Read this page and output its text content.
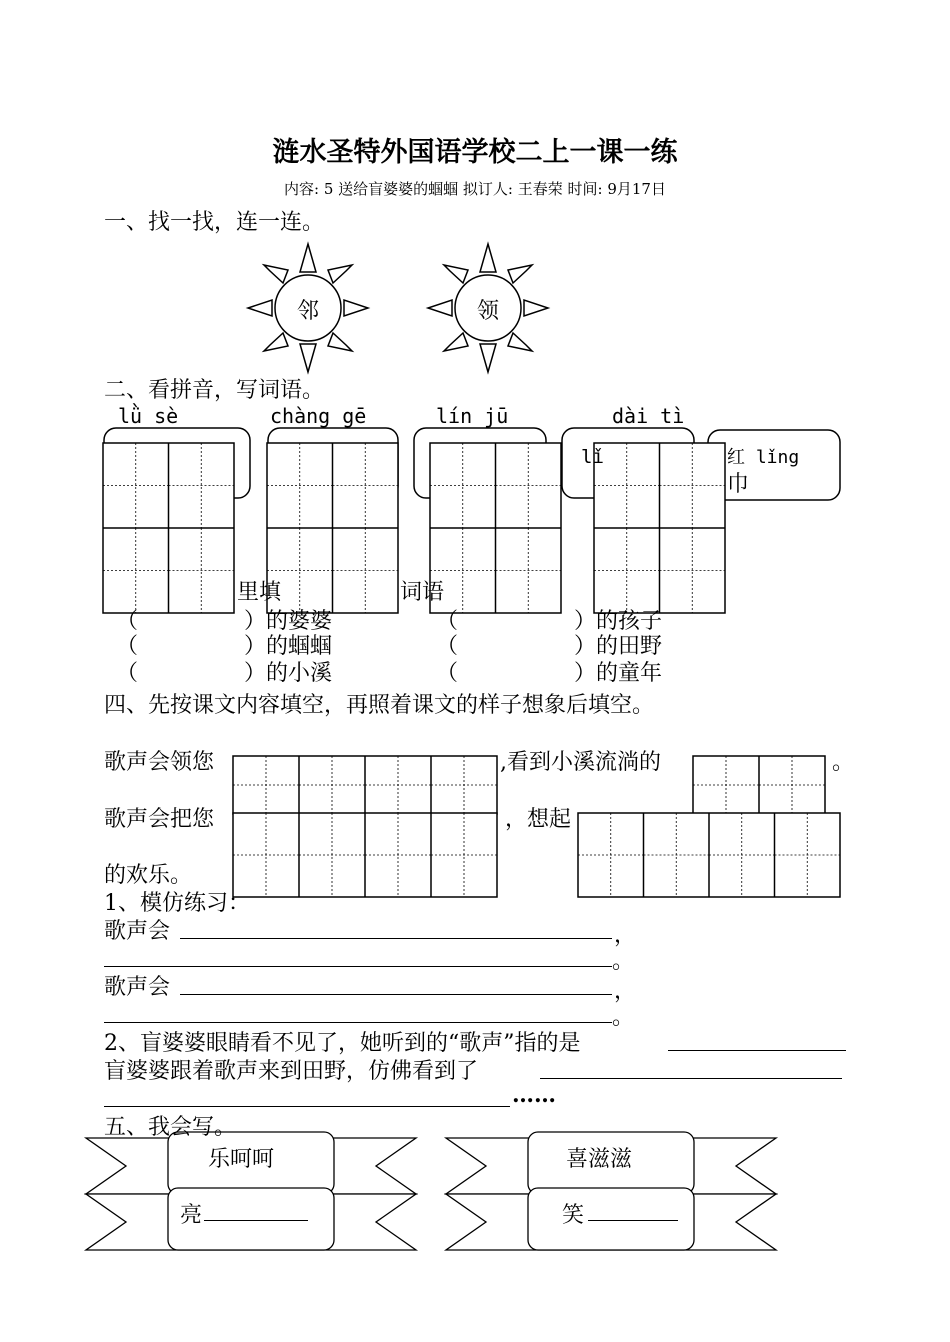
涟水圣特外国语学校二上一课一练
内容: 5 送给盲婆婆的蝈蝈 拟订人: 王春荣 时间: 9月17日
一、找一找，连一连。
邻	领
二、看拼音，写词语。
lǜ sè	chàng gē	lín jū	dài tì
lǐ	红 lǐng
巾
里填	词语
（	）的婆婆	（	）的孩子
（	）的蝈蝈	（	）的田野
（	）的小溪	（	）的童年
四、先按课文内容填空，再照着课文的样子想象后填空。
歌声会领您	,看到小溪流淌的	。
歌声会把您	，想起
的欢乐。
1、模仿练习：
歌声会	，
。
歌声会	，
。
2、盲婆婆眼睛看不见了，她听到的“歌声”指的是
盲婆婆跟着歌声来到田野，仿佛看到了
……
五、我会写。
乐呵呵	喜滋滋
亮	笑
